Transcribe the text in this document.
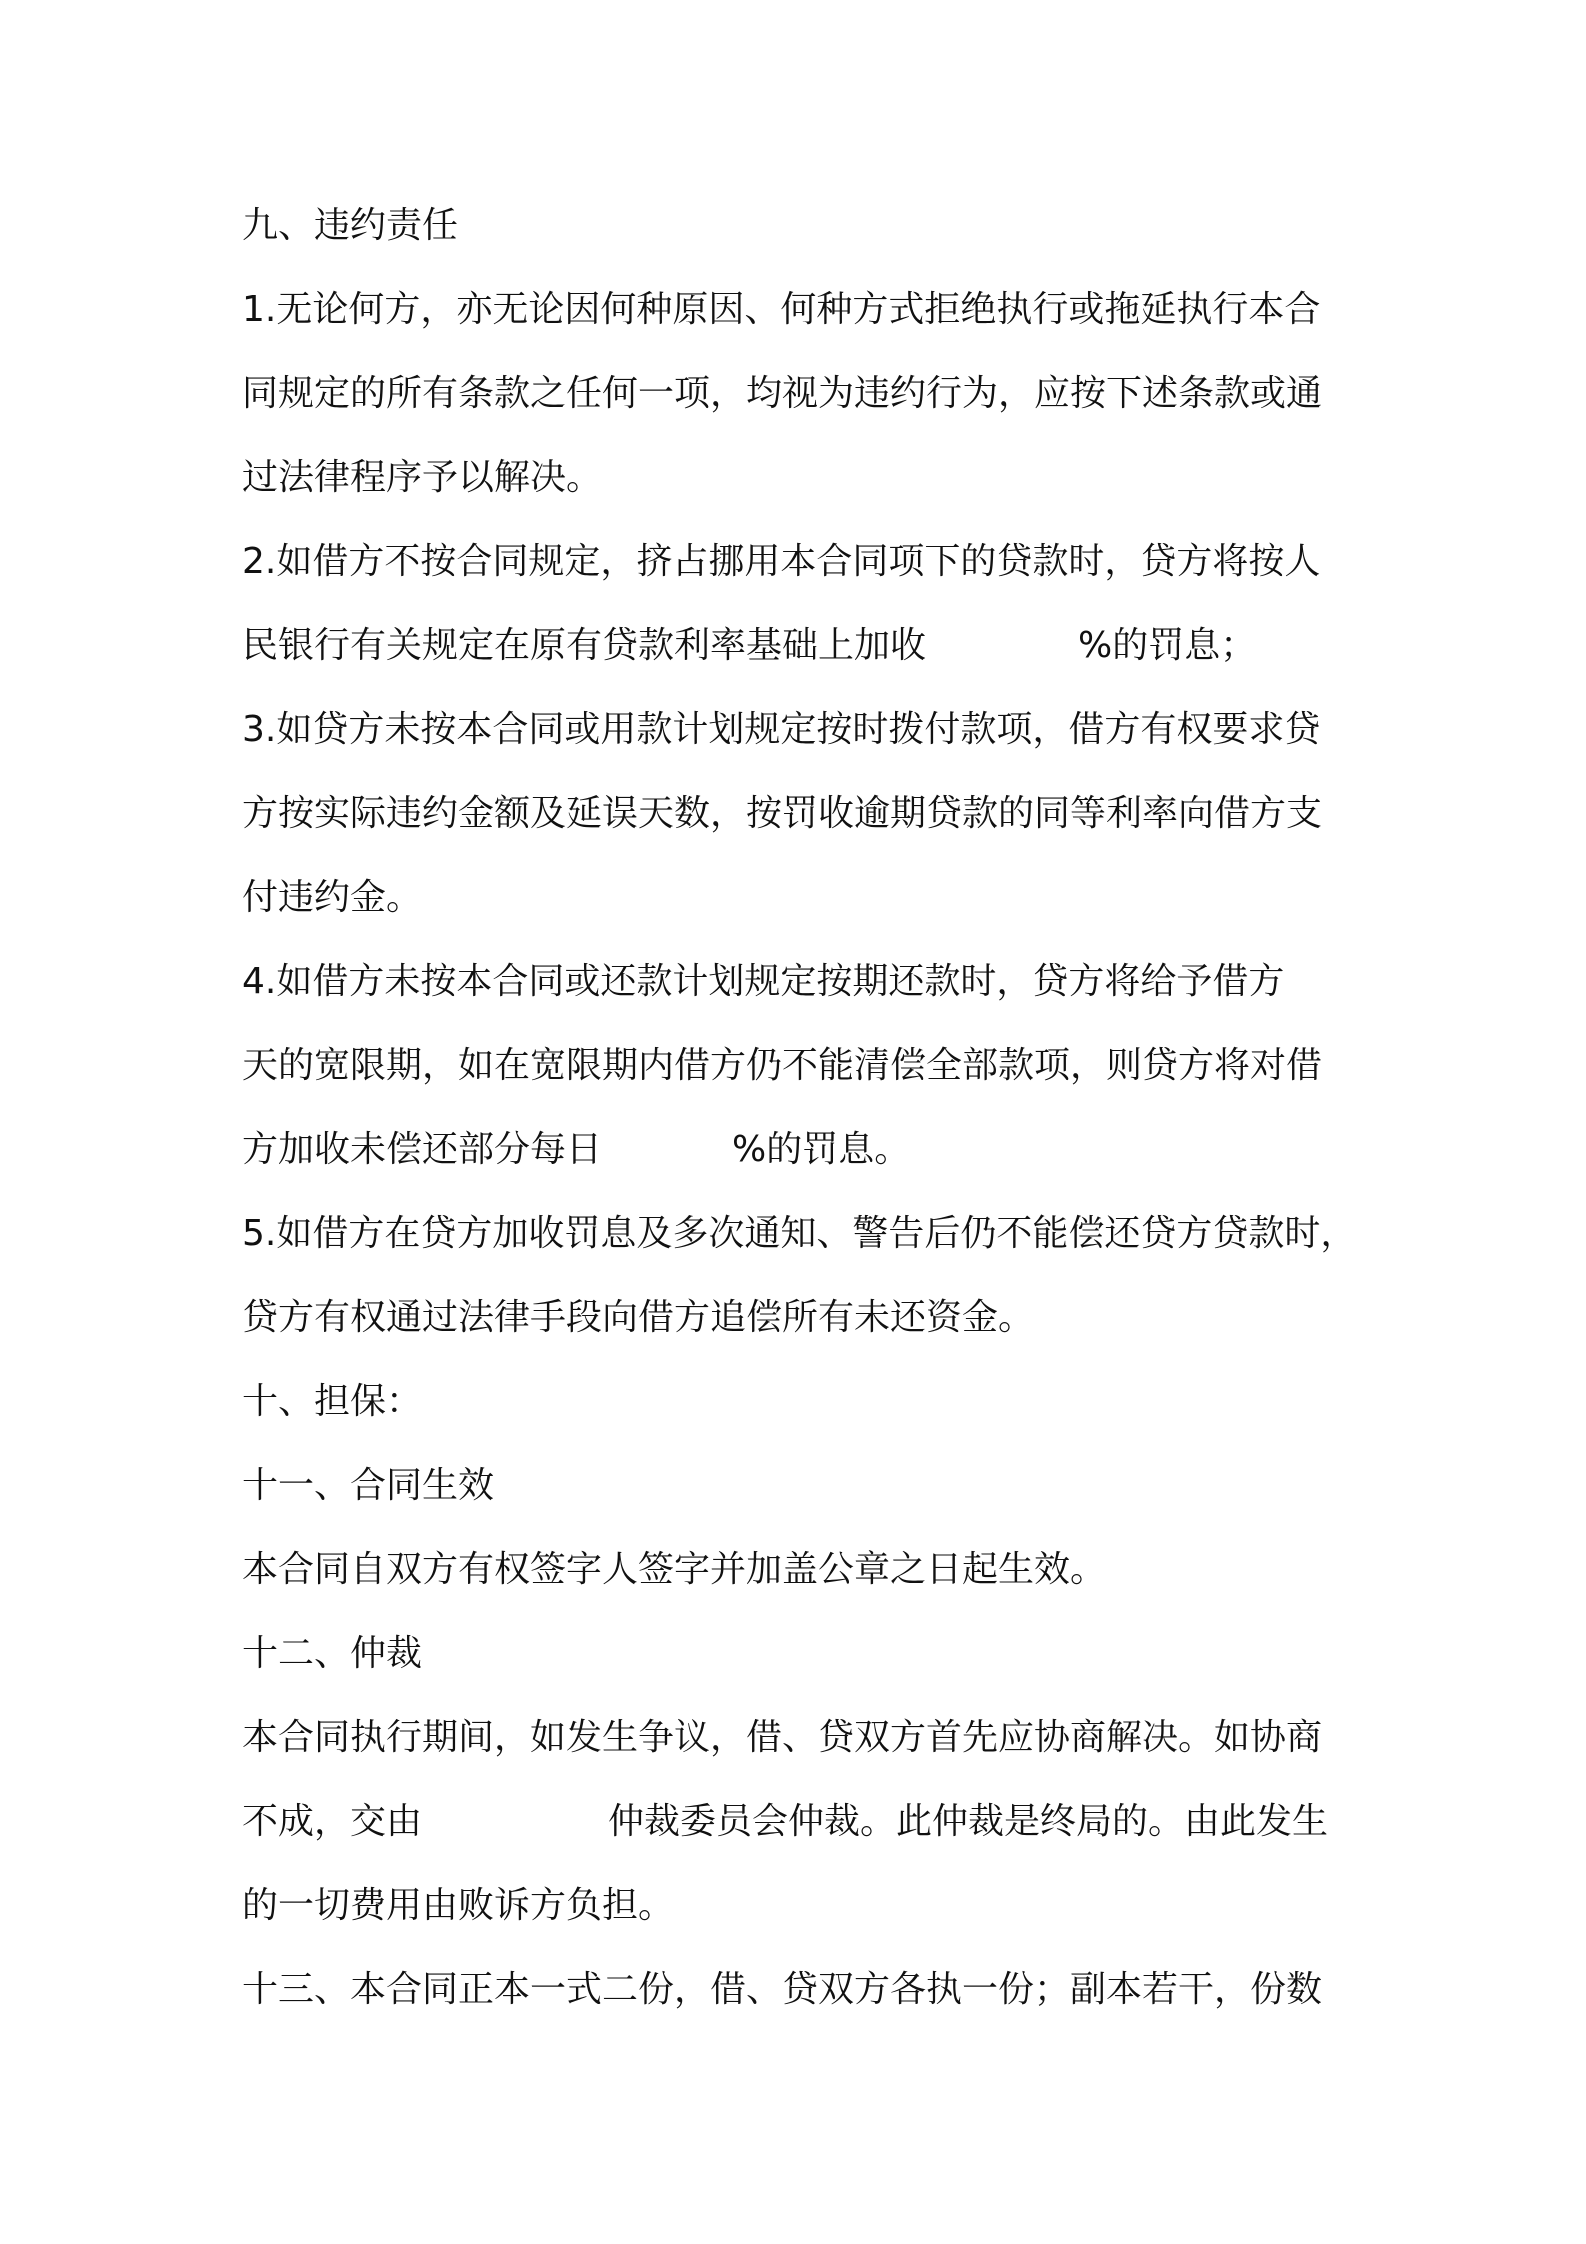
九、违约责任
1.无论何方，亦无论因何种原因、何种方式拒绝执行或拖延执行本合
同规定的所有条款之任何一项，均视为违约行为，应按下述条款或通
过法律程序予以解决。
2.如借方不按合同规定，挤占挪用本合同项下的贷款时，贷方将按人
民银行有关规定在原有贷款利率基础上加收	%的罚息；
3.如贷方未按本合同或用款计划规定按时拨付款项，借方有权要求贷
方按实际违约金额及延误天数，按罚收逾期贷款的同等利率向借方支
付违约金。
4.如借方未按本合同或还款计划规定按期还款时，贷方将给予借方
天的宽限期，如在宽限期内借方仍不能清偿全部款项，则贷方将对借
方加收未偿还部分每日	%的罚息。
5.如借方在贷方加收罚息及多次通知、警告后仍不能偿还贷方贷款时，
贷方有权通过法律手段向借方追偿所有未还资金。
十、担保：
十一、合同生效
本合同自双方有权签字人签字并加盖公章之日起生效。
十二、仲裁
本合同执行期间，如发生争议，借、贷双方首先应协商解决。如协商
不成，交由	仲裁委员会仲裁。此仲裁是终局的。由此发生
的一切费用由败诉方负担。
十三、本合同正本一式二份，借、贷双方各执一份；副本若干，份数
